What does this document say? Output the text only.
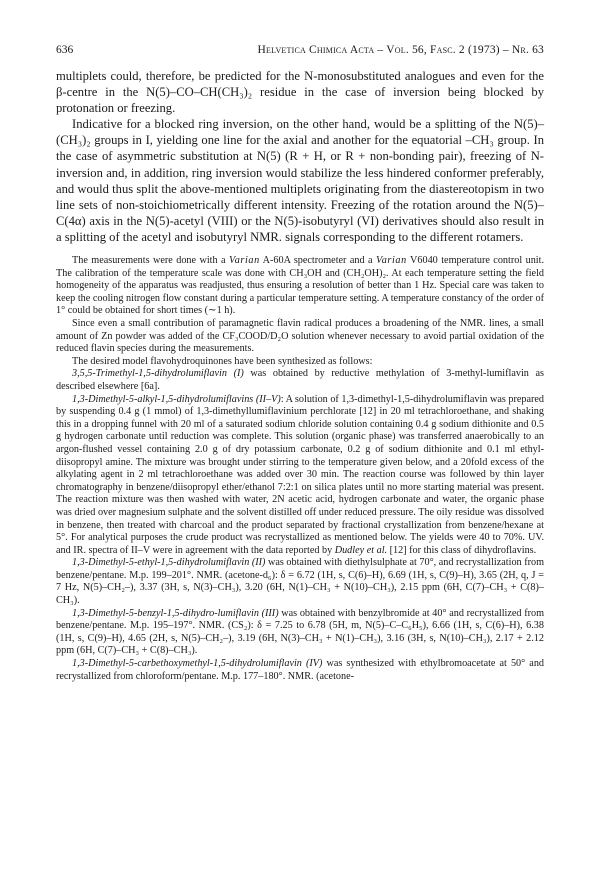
636	Helvetica Chimica Acta – Vol. 56, Fasc. 2 (1973) – Nr. 63

multiplets could, therefore, be predicted for the N-monosubstituted analogues and even for the β-centre in the N(5)–CO–CH(CH₃)₂ residue in the case of inversion being blocked by protonation or freezing.

Indicative for a blocked ring inversion, on the other hand, would be a splitting of the N(5)–(CH₃)₂ groups in I, yielding one line for the axial and another for the equatorial –CH₃ group. In the case of asymmetric substitution at N(5) (R + H, or R + non-bonding pair), freezing of N-inversion and, in addition, ring inversion would stabilize the less hindered conformer preferably, and would thus split the above-mentioned multiplets originating from the diastereotopism in two line sets of non-stoichiometrically different intensity. Freezing of the rotation around the N(5)–C(4α) axis in the N(5)-acetyl (VIII) or the N(5)-isobutyryl (VI) derivatives should also result in a splitting of the acetyl and isobutyryl NMR. signals corresponding to the different rotamers.

The measurements were done with a Varian A-60A spectrometer and a Varian V6040 temperature control unit. The calibration of the temperature scale was done with CH₃OH and (CH₂OH)₂. At each temperature setting the field homogeneity of the apparatus was readjusted, thus ensuring a resolution of better than 1 Hz. Special care was taken to keep the cooling nitrogen flow constant during a particular temperature setting. A temperature constancy of the order of 1° could be obtained for short times (∼1 h).

Since even a small contribution of paramagnetic flavin radical produces a broadening of the NMR. lines, a small amount of Zn powder was added of the CF₃COOD/D₂O solution whenever necessary to avoid partial oxidation of the reduced flavin species during the measurements.

The desired model flavohydroquinones have been synthesized as follows:

3,5,5-Trimethyl-1,5-dihydrolumiflavin (I) was obtained by reductive methylation of 3-methyl-lumiflavin as described elsewhere [6a].

1,3-Dimethyl-5-alkyl-1,5-dihydrolumiflavins (II–V): A solution of 1,3-dimethyl-1,5-dihydrolumiflavin was prepared by suspending 0.4 g (1 mmol) of 1,3-dimethyllumiflavinium perchlorate [12] in 20 ml tetrachloroethane, and shaking this in a dropping funnel with 20 ml of a saturated sodium chloride solution containing 0.4 g sodium dithionite and 0.5 g hydrogen carbonate until reduction was complete. This solution (organic phase) was transferred anaerobically to an argon-flushed vessel containing 2.0 g of dry potassium carbonate, 0.2 g of sodium dithionite and 0.1 ml ethyl-diisopropyl amine. The mixture was brought under stirring to the temperature given below, and a 20fold excess of the alkylating agent in 2 ml tetrachloroethane was added over 30 min. The reaction course was followed by thin layer chromatography in benzene/diisopropyl ether/ethanol 7:2:1 on silica plates until no more starting material was present. The reaction mixture was then washed with water, 2N acetic acid, hydrogen carbonate and water, the organic phase was dried over magnesium sulphate and the solvent distilled off under reduced pressure. The oily residue was dissolved in benzene, then treated with charcoal and the product separated by fractional crystallization from benzene/hexane at 5°. For analytical purposes the crude product was recrystallized as mentioned below. The yields were 40 to 70%. UV. and IR. spectra of II–V were in agreement with the data reported by Dudley et al. [12] for this class of dihydroflavins.

1,3-Dimethyl-5-ethyl-1,5-dihydrolumiflavin (II) was obtained with diethylsulphate at 70°, and recrystallization from benzene/pentane. M.p. 199–201°. NMR. (acetone-d₆): δ = 6.72 (1H, s, C(6)–H), 6.69 (1H, s, C(9)–H), 3.65 (2H, q, J = 7 Hz, N(5)–CH₂–), 3.37 (3H, s, N(3)–CH₃), 3.20 (6H, N(1)–CH₃ + N(10)–CH₃), 2.15 ppm (6H, C(7)–CH₃ + C(8)–CH₃).

1,3-Dimethyl-5-benzyl-1,5-dihydro-lumiflavin (III) was obtained with benzylbromide at 40° and recrystallized from benzene/pentane. M.p. 195–197°. NMR. (CS₂): δ = 7.25 to 6.78 (5H, m, N(5)–C–C₆H₅), 6.66 (1H, s, C(6)–H), 6.38 (1H, s, C(9)–H), 4.65 (2H, s, N(5)–CH₂–), 3.19 (6H, N(3)–CH₃ + N(1)–CH₃), 3.16 (3H, s, N(10)–CH₃), 2.17 + 2.12 ppm (6H, C(7)–CH₃ + C(8)–CH₃).

1,3-Dimethyl-5-carbethoxymethyl-1,5-dihydrolumiflavin (IV) was synthesized with ethylbromoacetate at 50° and recrystallized from chloroform/pentane. M.p. 177–180°. NMR. (acetone-
